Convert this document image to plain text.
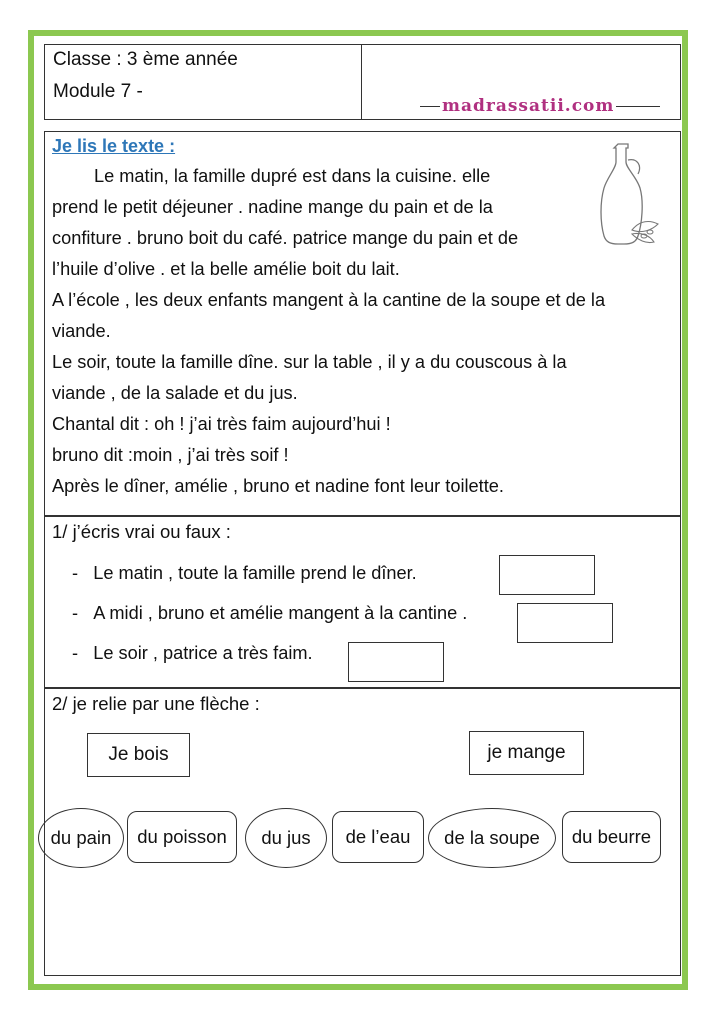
Classe : 3 ème année
Module 7 -
madrassatii.com
Je lis le texte :
Le matin, la famille dupré est dans la cuisine. elle
prend le petit déjeuner . nadine mange du pain et de la
confiture . bruno boit du café. patrice mange du pain et de
l’huile d’olive . et la belle amélie boit du lait.
A l’école , les deux enfants mangent à la cantine de la soupe et de la
viande.
Le soir, toute la famille dîne. sur la table , il y a du couscous à la
viande , de la salade et du jus.
Chantal dit : oh ! j’ai très faim aujourd’hui !
bruno dit :moin , j’ai très soif !
Après le dîner, amélie , bruno et nadine font leur toilette.
1/ j’écris vrai ou faux :
-   Le matin , toute la famille prend le dîner.
-   A midi , bruno et amélie mangent à la cantine .
-   Le soir , patrice a très faim.
2/ je relie par une flèche :
Je bois	je mange
du pain	du poisson	du jus	de l’eau	de la soupe	du beurre
